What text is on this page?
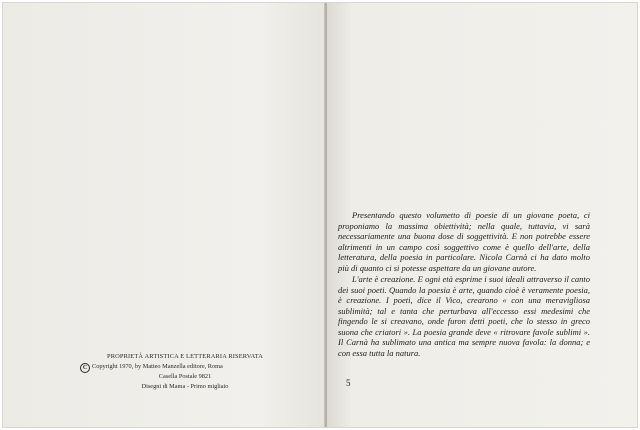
PROPRIETÀ ARTISTICA E LETTERARIA RISERVATA
C Copyright 1970, by Matteo Manzella editore, Roma
Casella Postale 9821
Disegni di Mama - Primo migliaio

Presentando questo volumetto di poesie di un giovane poeta, ci proponiamo la massima obiettività; nella quale, tuttavia, vi sarà necessariamente una buona dose di soggettività. E non potrebbe essere altrimenti in un campo così soggettivo come è quello dell'arte, della letteratura, della poesia in particolare. Nicola Carnà ci ha dato molto più di quanto ci si potesse aspettare da un giovane autore.

L'arte è creazione. E ogni età esprime i suoi ideali attraverso il canto dei suoi poeti. Quando la poesia è arte, quando cioè è veramente poesia, è creazione. I poeti, dice il Vico, crearono « con una meravigliosa sublimità; tal e tanta che perturbava all'eccesso essi medesimi che fingendo le si creavano, onde furon detti poeti, che lo stesso in greco suona che criatori ». La poesia grande deve « ritrovare favole sublimi ». Il Carnà ha sublimato una antica ma sempre nuova favola: la donna; e con essa tutta la natura.

5
